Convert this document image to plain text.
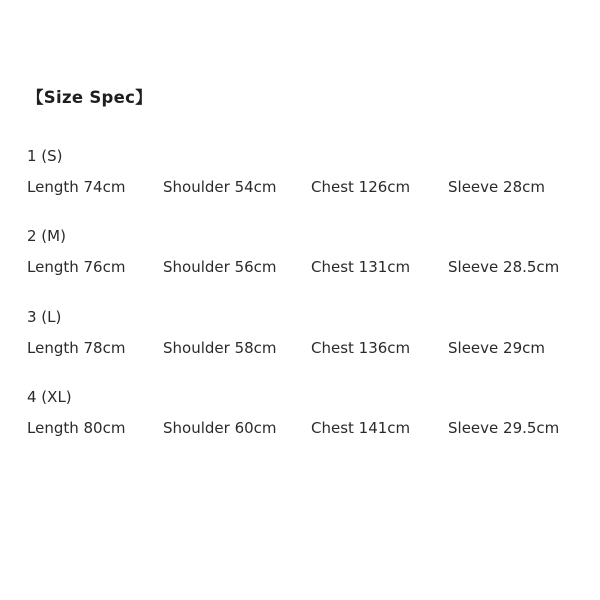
【Size Spec】
1 (S)
Length 74cm	Shoulder 54cm	Chest 126cm	Sleeve 28cm
2 (M)
Length 76cm	Shoulder 56cm	Chest 131cm	Sleeve 28.5cm
3 (L)
Length 78cm	Shoulder 58cm	Chest 136cm	Sleeve 29cm
4 (XL)
Length 80cm	Shoulder 60cm	Chest 141cm	Sleeve 29.5cm
